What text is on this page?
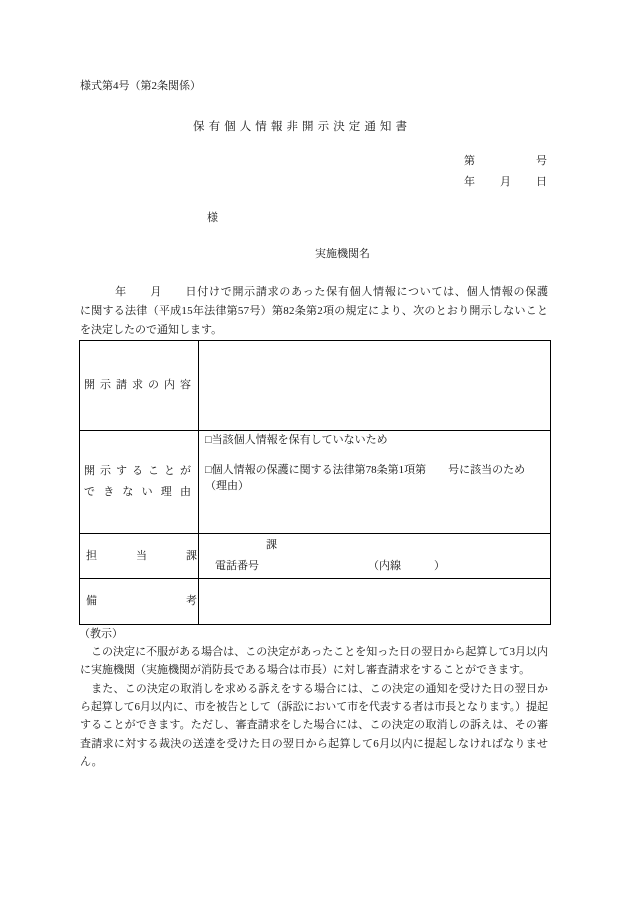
様式第4号（第2条関係）
保有個人情報非開示決定通知書
第	号
年 月 日
様
実施機関名
　　　年　　月　　日付けで開示請求のあった保有個人情報については、個人情報の保護
に関する法律（平成15年法律第57号）第82条第2項の規定により、次のとおり開示しないこと
を決定したので通知します。
開示請求の内容
開示することが
できない理由
□当該個人情報を保有していないため
□個人情報の保護に関する法律第78条第1項第　　号に該当のため
（理由）
担当課
課
電話番号	（内線　　　）
備考
（教示）
　この決定に不服がある場合は、この決定があったことを知った日の翌日から起算して3月以内
に実施機関（実施機関が消防長である場合は市長）に対し審査請求をすることができます。
　また、この決定の取消しを求める訴えをする場合には、この決定の通知を受けた日の翌日か
ら起算して6月以内に、市を被告として（訴訟において市を代表する者は市長となります。）提起
することができます。ただし、審査請求をした場合には、この決定の取消しの訴えは、その審
査請求に対する裁決の送達を受けた日の翌日から起算して6月以内に提起しなければなりませ
ん。
